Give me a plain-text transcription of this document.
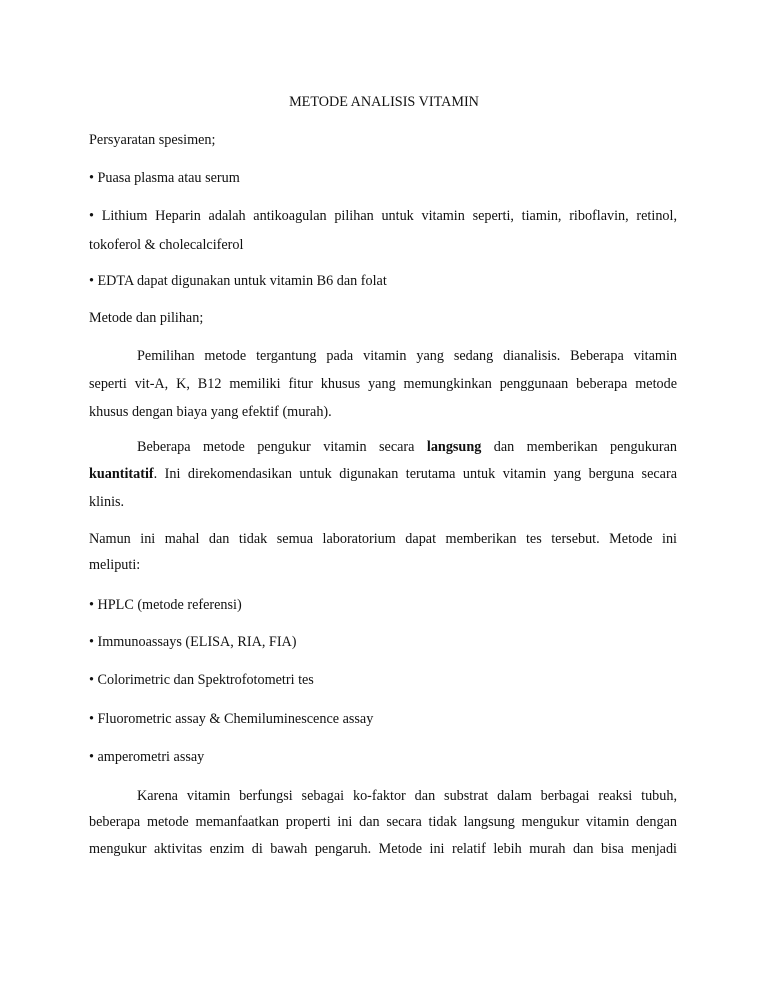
METODE ANALISIS VITAMIN
Persyaratan spesimen;
• Puasa plasma atau serum
• Lithium Heparin adalah antikoagulan pilihan untuk vitamin seperti, tiamin, riboflavin, retinol,
tokoferol & cholecalciferol
• EDTA dapat digunakan untuk vitamin B6 dan folat
Metode dan pilihan;
Pemilihan metode tergantung pada vitamin yang sedang dianalisis. Beberapa vitamin
seperti vit-A, K, B12 memiliki fitur khusus yang memungkinkan penggunaan beberapa metode
khusus dengan biaya yang efektif (murah).
Beberapa metode pengukur vitamin secara langsung dan memberikan pengukuran
kuantitatif. Ini direkomendasikan untuk digunakan terutama untuk vitamin yang berguna secara
klinis.
Namun ini mahal dan tidak semua laboratorium dapat memberikan tes tersebut. Metode ini
meliputi:
• HPLC (metode referensi)
• Immunoassays (ELISA, RIA, FIA)
• Colorimetric dan Spektrofotometri tes
• Fluorometric assay & Chemiluminescence assay
• amperometri assay
Karena vitamin berfungsi sebagai ko-faktor dan substrat dalam berbagai reaksi tubuh,
beberapa metode memanfaatkan properti ini dan secara tidak langsung mengukur vitamin dengan
mengukur aktivitas enzim di bawah pengaruh. Metode ini relatif lebih murah dan bisa menjadi
